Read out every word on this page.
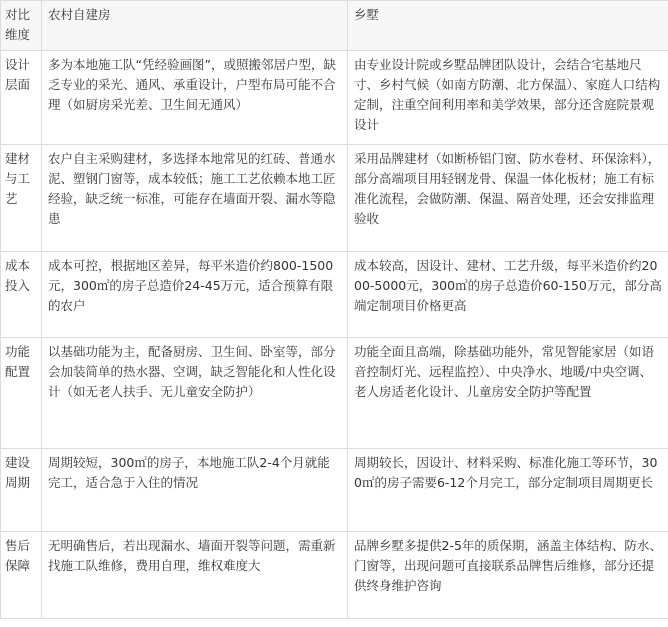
对比维度	农村自建房	乡墅
设计层面	多为本地施工队“凭经验画图”，或照搬邻居户型，缺乏专业的采光、通风、承重设计，户型布局可能不合理（如厨房采光差、卫生间无通风）	由专业设计院或乡墅品牌团队设计，会结合宅基地尺寸、乡村气候（如南方防潮、北方保温）、家庭人口结构定制，注重空间利用率和美学效果，部分还含庭院景观设计
建材与工艺	农户自主采购建材，多选择本地常见的红砖、普通水泥、塑钢门窗等，成本较低；施工工艺依赖本地工匠经验，缺乏统一标准，可能存在墙面开裂、漏水等隐患	采用品牌建材（如断桥铝门窗、防水卷材、环保涂料），部分高端项目用轻钢龙骨、保温一体化板材；施工有标准化流程，会做防潮、保温、隔音处理，还会安排监理验收
成本投入	成本可控，根据地区差异，每平米造价约800-1500元，300㎡的房子总造价24-45万元，适合预算有限的农户	成本较高，因设计、建材、工艺升级，每平米造价约2000-5000元，300㎡的房子总造价60-150万元，部分高端定制项目价格更高
功能配置	以基础功能为主，配备厨房、卫生间、卧室等，部分会加装简单的热水器、空调，缺乏智能化和人性化设计（如无老人扶手、无儿童安全防护）	功能全面且高端，除基础功能外，常见智能家居（如语音控制灯光、远程监控）、中央净水、地暖/中央空调、老人房适老化设计、儿童房安全防护等配置
建设周期	周期较短，300㎡的房子，本地施工队2-4个月就能完工，适合急于入住的情况	周期较长，因设计、材料采购、标准化施工等环节，300㎡的房子需要6-12个月完工，部分定制项目周期更长
售后保障	无明确售后，若出现漏水、墙面开裂等问题，需重新找施工队维修，费用自理，维权难度大	品牌乡墅多提供2-5年的质保期，涵盖主体结构、防水、门窗等，出现问题可直接联系品牌售后维修，部分还提供终身维护咨询
